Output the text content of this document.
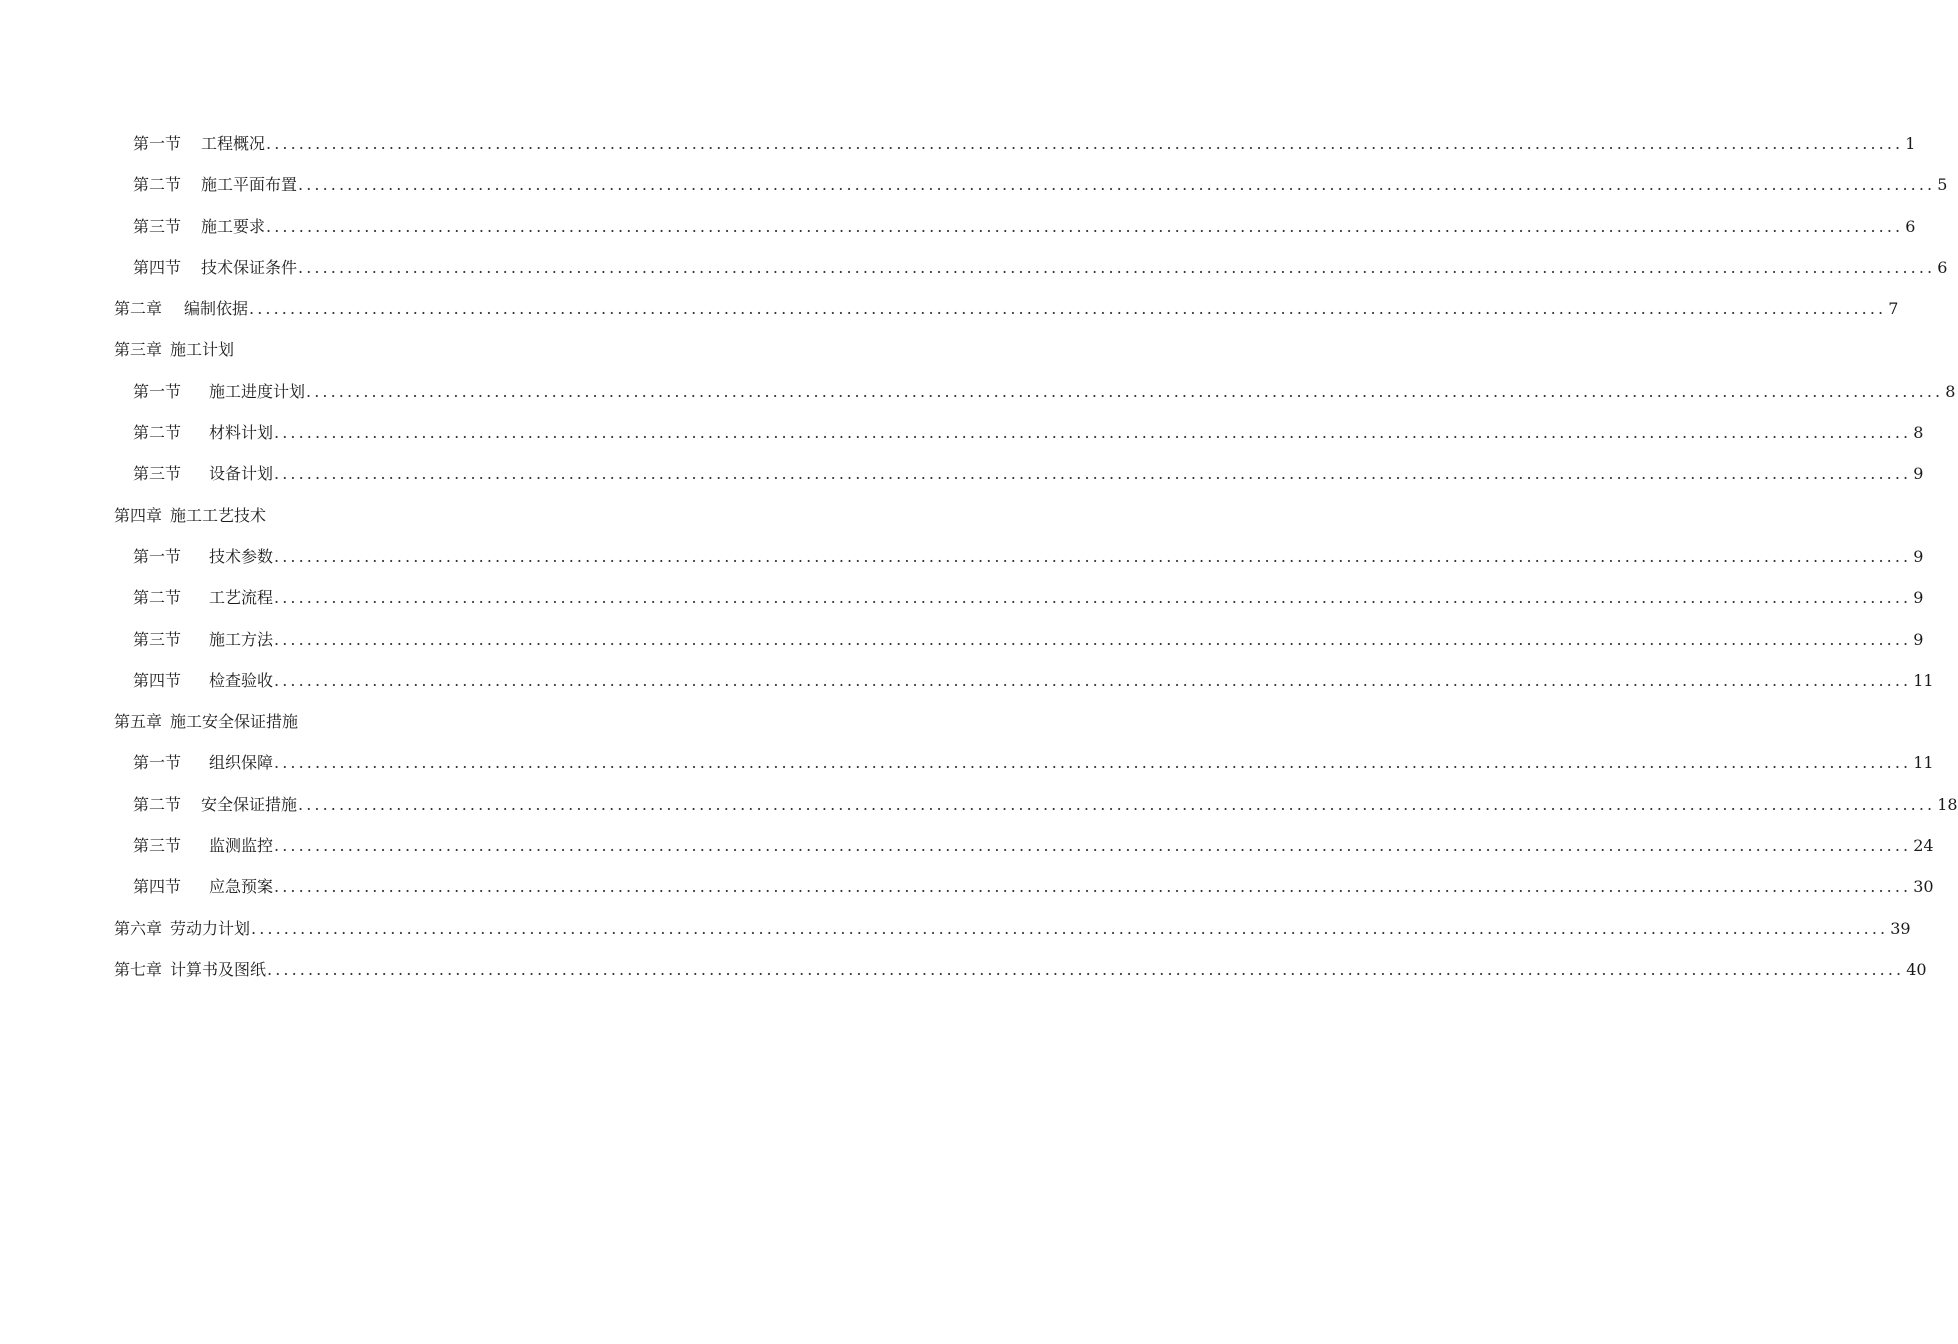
第一节 工程概况 ........................................................................................................................................................................................................ 1
第二节 施工平面布置 ........................................................................................................................................................................................................ 5
第三节 施工要求 ........................................................................................................................................................................................................ 6
第四节 技术保证条件 ........................................................................................................................................................................................................ 6
第二章 编制依据 ........................................................................................................................................................................................................ 7
第三章 施工计划
第一节 施工进度计划 ........................................................................................................................................................................................................ 8
第二节 材料计划 ........................................................................................................................................................................................................ 8
第三节 设备计划 ........................................................................................................................................................................................................ 9
第四章 施工工艺技术
第一节 技术参数 ........................................................................................................................................................................................................ 9
第二节 工艺流程 ........................................................................................................................................................................................................ 9
第三节 施工方法 ........................................................................................................................................................................................................ 9
第四节 检查验收 ........................................................................................................................................................................................................ 11
第五章 施工安全保证措施
第一节 组织保障 ........................................................................................................................................................................................................ 11
第二节 安全保证措施 ........................................................................................................................................................................................................ 18
第三节 监测监控 ........................................................................................................................................................................................................ 24
第四节 应急预案 ........................................................................................................................................................................................................ 30
第六章 劳动力计划 ........................................................................................................................................................................................................ 39
第七章 计算书及图纸 ........................................................................................................................................................................................................ 40
